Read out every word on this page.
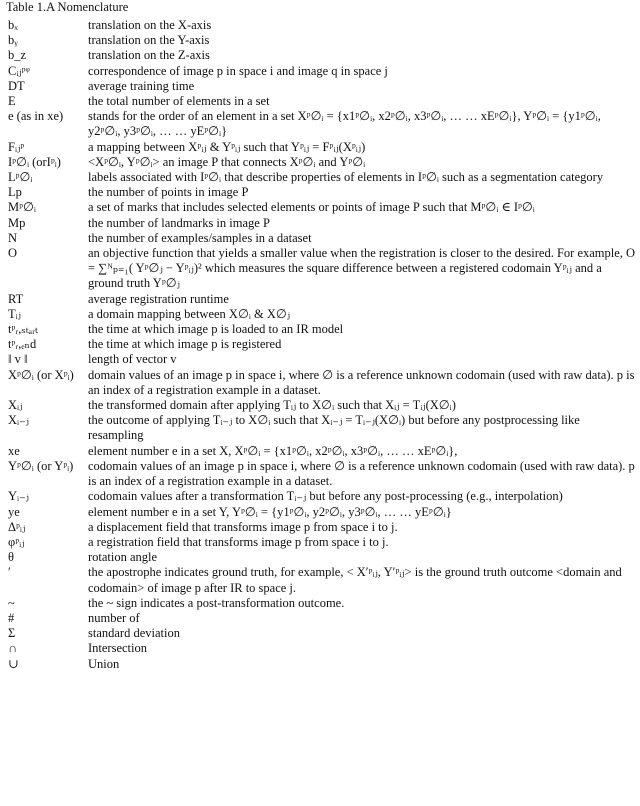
Table 1.A Nomenclature
bₓ	translation on the X-axis
bᵧ	translation on the Y-axis
b_z	translation on the Z-axis
Cᵢⱼᵖᵠ	correspondence of image p in space i and image q in space j
DT	average training time
E	the total number of elements in a set
e (as in xe)	stands for the order of an element in a set Xᵖ∅ᵢ = {x1ᵖ∅ᵢ, x2ᵖ∅ᵢ, x3ᵖ∅ᵢ, … … xEᵖ∅ᵢ}, Yᵖ∅ᵢ = {y1ᵖ∅ᵢ, y2ᵖ∅ᵢ, y3ᵖ∅ᵢ, … … yEᵖ∅ᵢ}
Fᵢⱼᵖ	a mapping between Xᵖᵢⱼ & Yᵖᵢⱼ such that Yᵖᵢⱼ = Fᵖᵢⱼ(Xᵖᵢⱼ)
Iᵖ∅ᵢ (orIᵖᵢ)	<Xᵖ∅ᵢ, Yᵖ∅ᵢ> an image P that connects Xᵖ∅ᵢ and Yᵖ∅ᵢ
Lᵖ∅ᵢ	labels associated with Iᵖ∅ᵢ that describe properties of elements in Iᵖ∅ᵢ such as a segmentation category
Lp	the number of points in image P
Mᵖ∅ᵢ	a set of marks that includes selected elements or points of image P such that Mᵖ∅ᵢ ∈ Iᵖ∅ᵢ
Mp	the number of landmarks in image P
N	the number of examples/samples in a dataset
O	an objective function that yields a smaller value when the registration is closer to the desired. For example, O = ∑ᴺₚ₌₁( Yᵖ∅ⱼ − Yᵖᵢⱼ)² which measures the square difference between a registered codomain Yᵖᵢⱼ and a ground truth Yᵖ∅ⱼ
RT	average registration runtime
Tᵢⱼ	a domain mapping between X∅ᵢ & X∅ⱼ
tᵖᵣ,ₛₜₐᵣₜ	the time at which image p is loaded to an IR model
tᵖᵣ,ₑₙd	the time at which image p is registered
‖ v ‖	length of vector v
Xᵖ∅ᵢ (or Xᵖᵢ)	domain values of an image p in space i, where ∅ is a reference unknown codomain (used with raw data). p is an index of a registration example in a dataset.
Xᵢⱼ	the transformed domain after applying Tᵢⱼ to X∅ᵢ such that Xᵢⱼ = Tᵢⱼ(X∅ᵢ)
Xᵢ₋ⱼ	the outcome of applying Tᵢ₋ⱼ to X∅ᵢ such that Xᵢ₋ⱼ = Tᵢ₋ⱼ(X∅ᵢ) but before any postprocessing like resampling
xe	element number e in a set X, Xᵖ∅ᵢ = {x1ᵖ∅ᵢ, x2ᵖ∅ᵢ, x3ᵖ∅ᵢ, … … xEᵖ∅ᵢ},
Yᵖ∅ᵢ (or Yᵖᵢ)	codomain values of an image p in space i, where ∅ is a reference unknown codomain (used with raw data). p is an index of a registration example in a dataset.
Yᵢ₋ⱼ	codomain values after a transformation Tᵢ₋ⱼ but before any post-processing (e.g., interpolation)
ye	element number e in a set Y, Yᵖ∅ᵢ = {y1ᵖ∅ᵢ, y2ᵖ∅ᵢ, y3ᵖ∅ᵢ, … … yEᵖ∅ᵢ}
Δᵖᵢⱼ	a displacement field that transforms image p from space i to j.
φᵖᵢⱼ	a registration field that transforms image p from space i to j.
θ	rotation angle
′	the apostrophe indicates ground truth, for example, < X′ᵖᵢⱼ, Y′ᵖᵢⱼ> is the ground truth outcome <domain and codomain> of image p after IR to space j.
~	the ~ sign indicates a post-transformation outcome.
#	number of
Σ	standard deviation
∩	Intersection
∪	Union
